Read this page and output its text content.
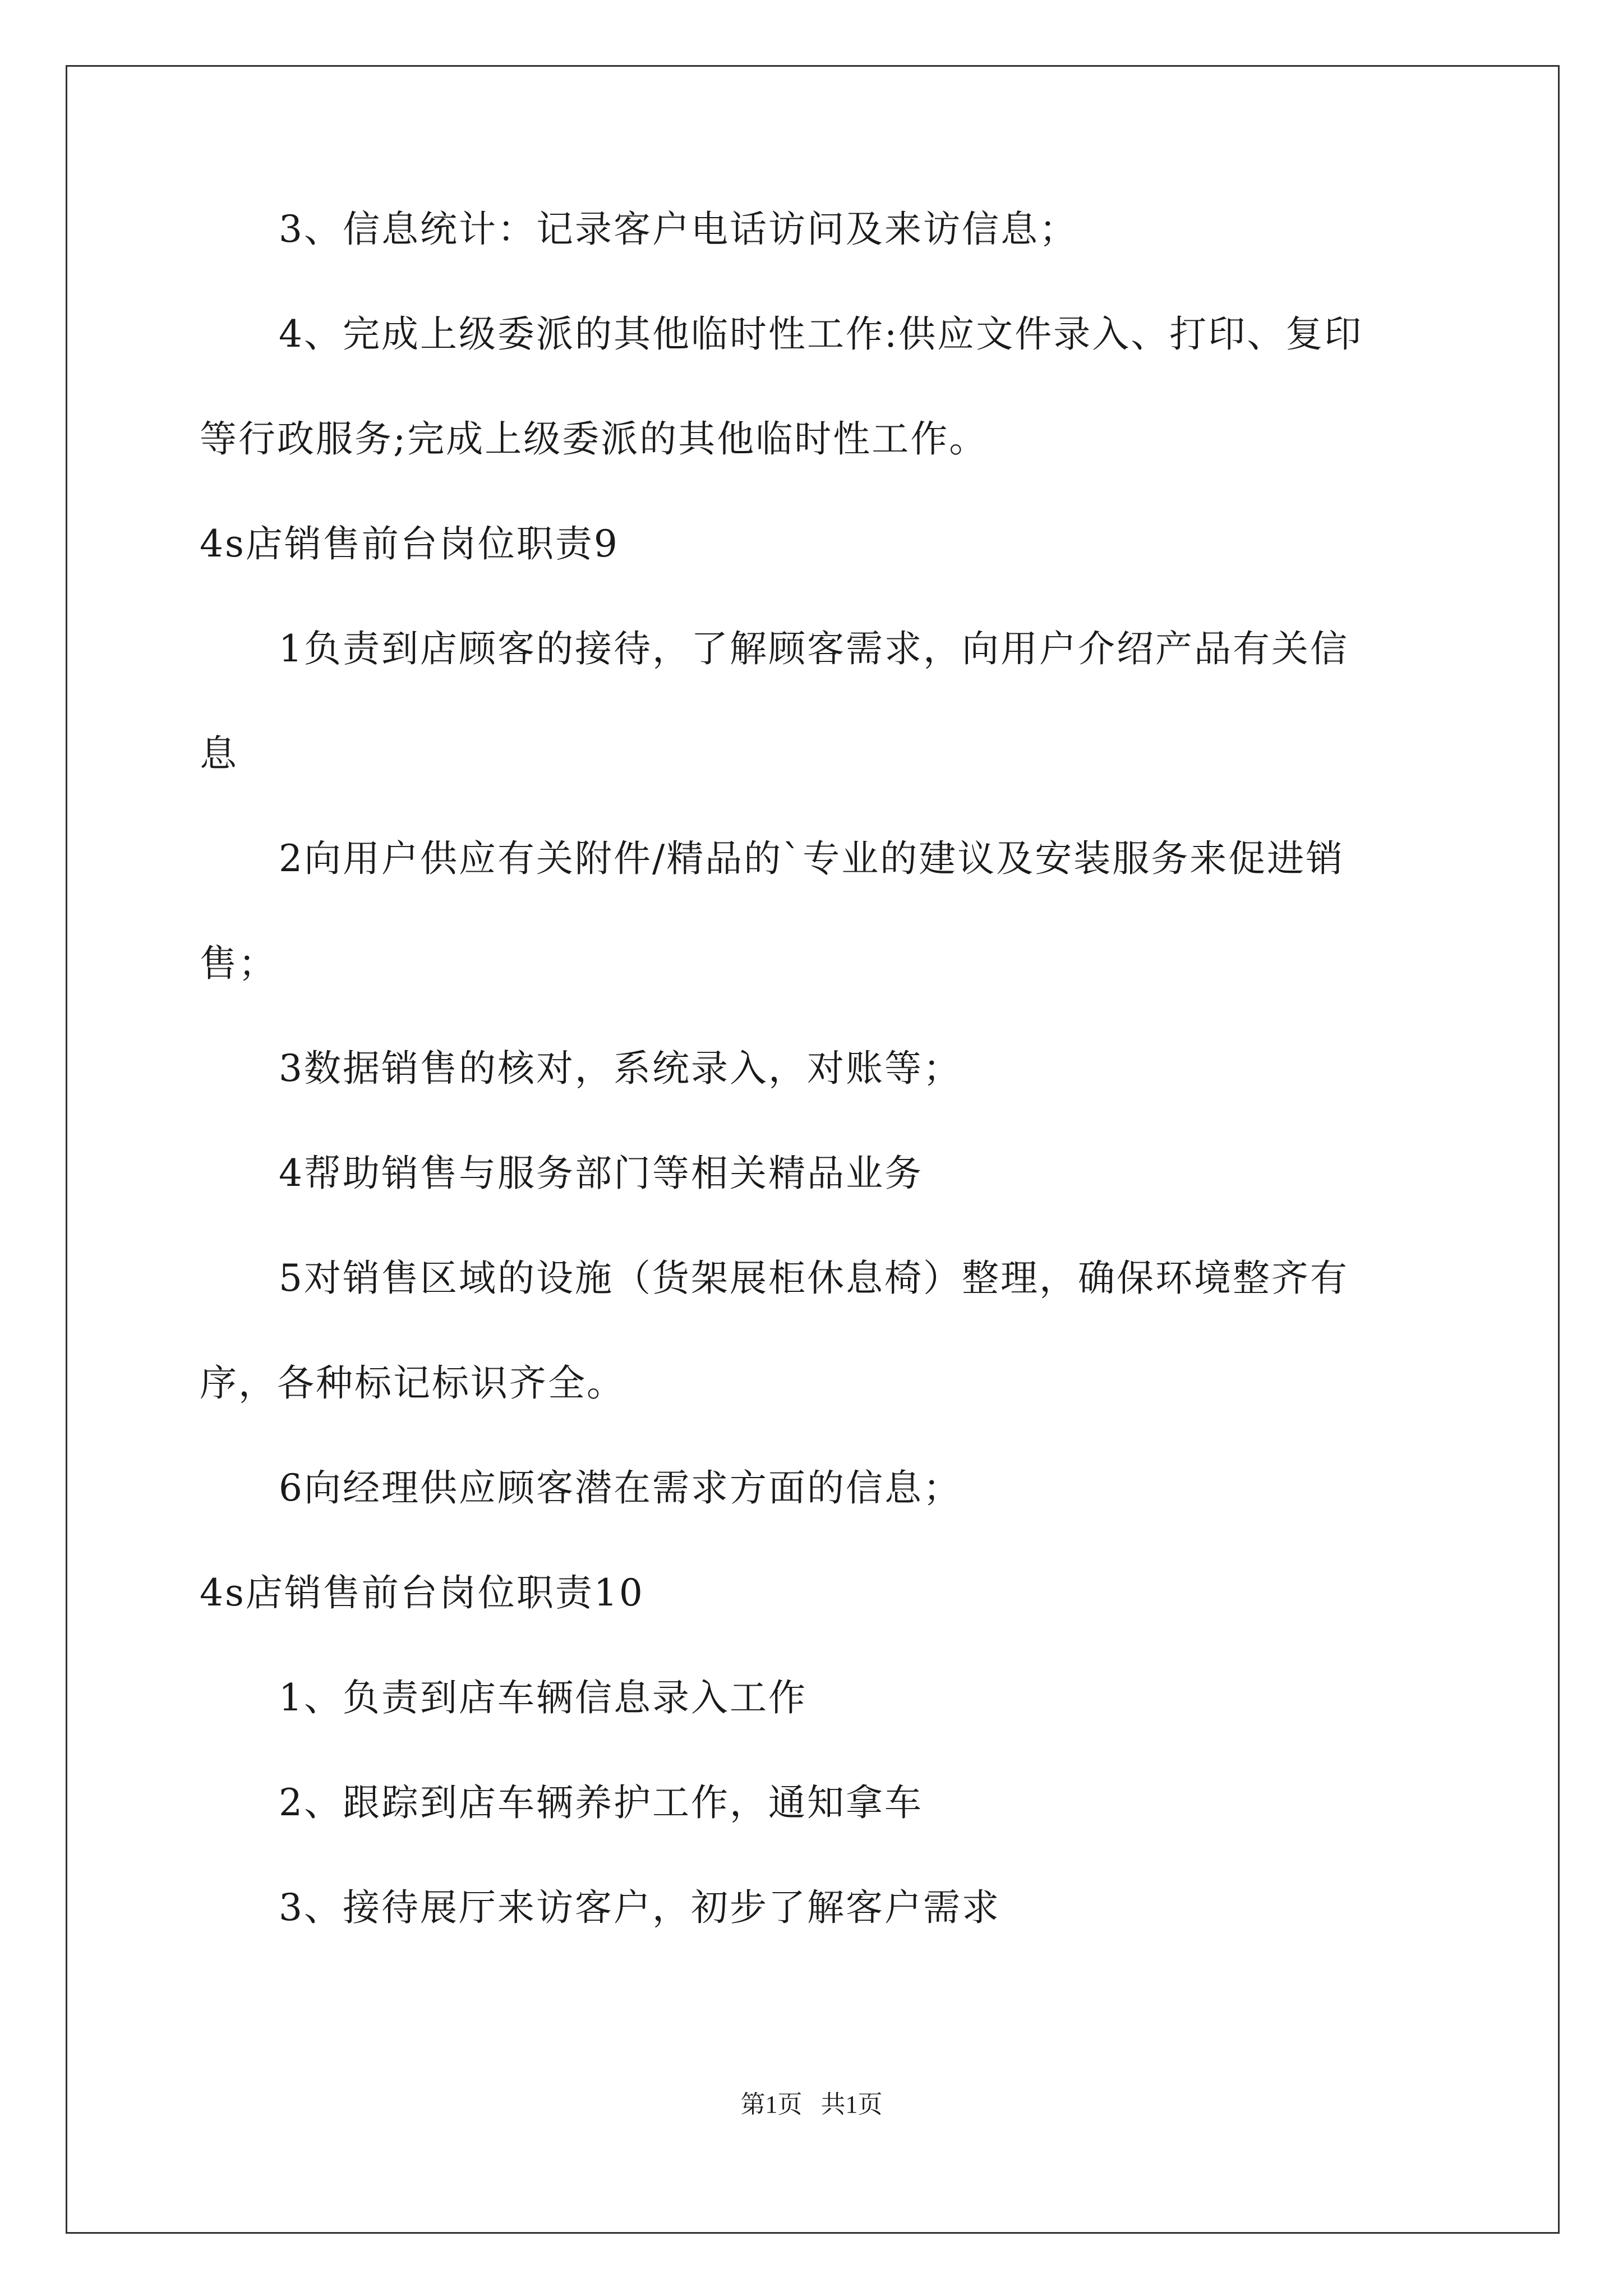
3、信息统计：记录客户电话访问及来访信息；
4、完成上级委派的其他临时性工作:供应文件录入、打印、复印
等行政服务;完成上级委派的其他临时性工作。
4s店销售前台岗位职责9
1负责到店顾客的接待，了解顾客需求，向用户介绍产品有关信
息
2向用户供应有关附件/精品的`专业的建议及安装服务来促进销
售；
3数据销售的核对，系统录入，对账等；
4帮助销售与服务部门等相关精品业务
5对销售区域的设施（货架展柜休息椅）整理，确保环境整齐有
序，各种标记标识齐全。
6向经理供应顾客潜在需求方面的信息；
4s店销售前台岗位职责10
1、负责到店车辆信息录入工作
2、跟踪到店车辆养护工作，通知拿车
3、接待展厅来访客户，初步了解客户需求
第1页   共1页
